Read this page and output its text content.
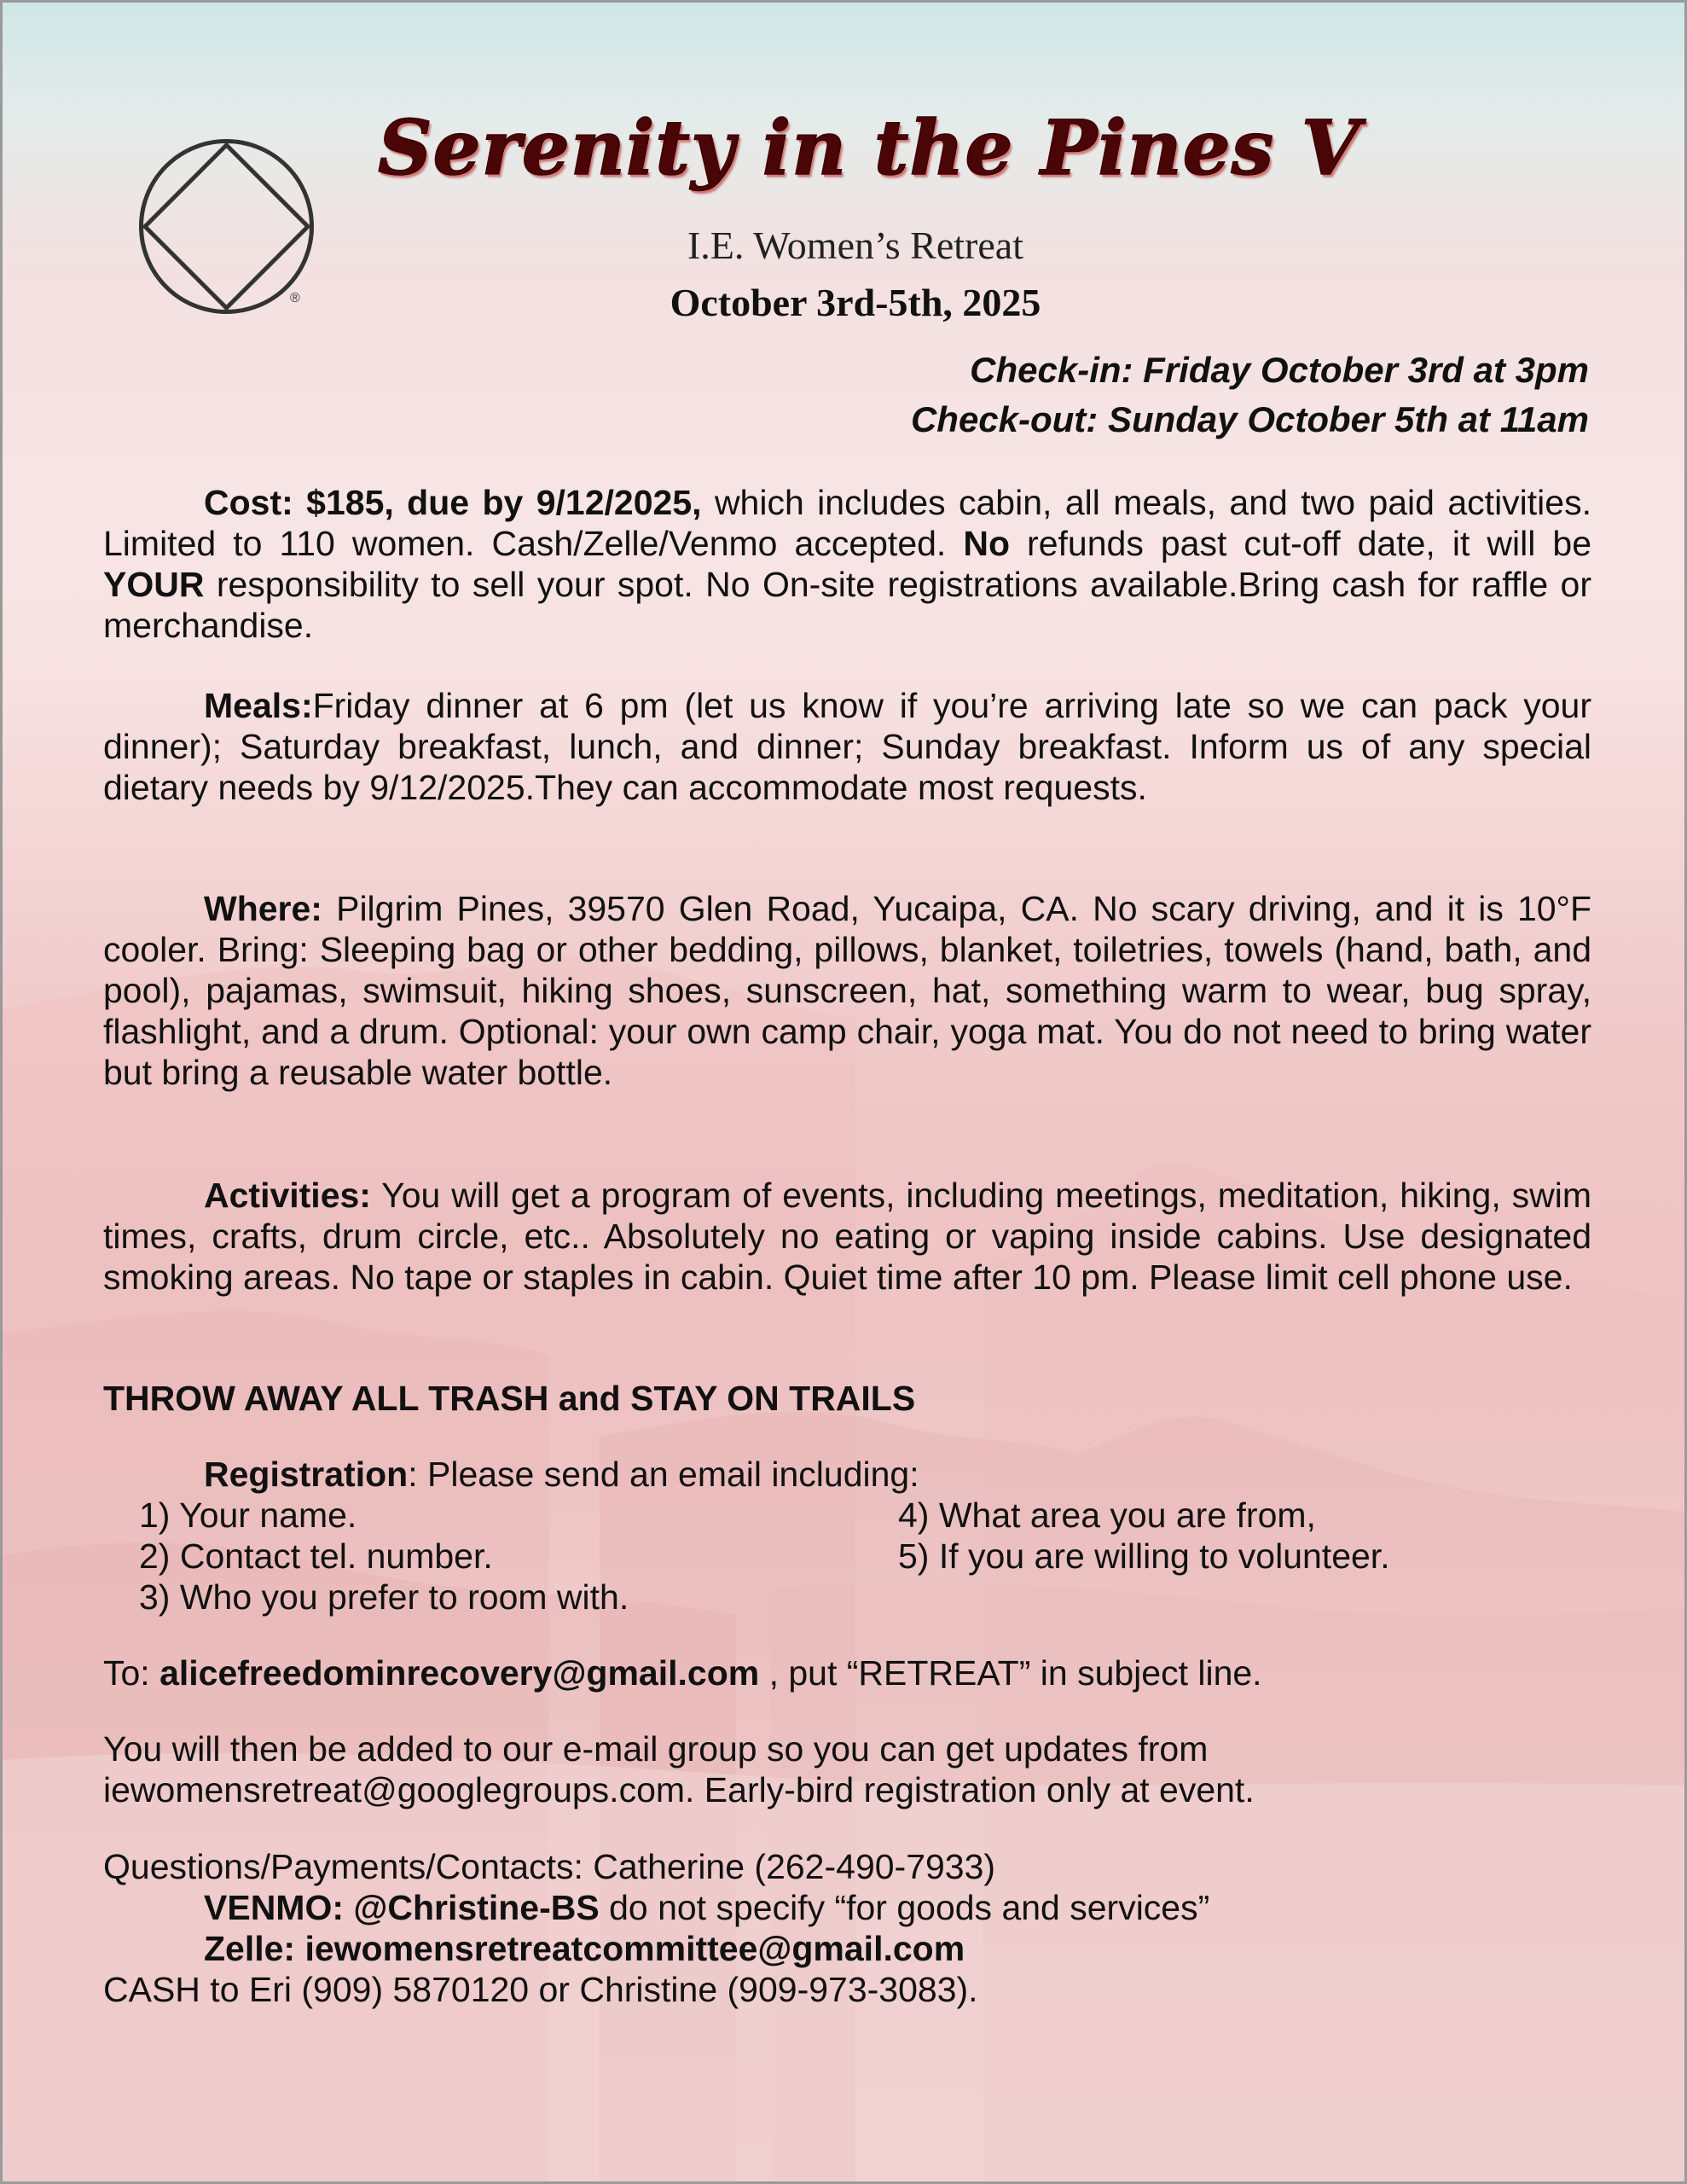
®
Serenity in the Pines V
I.E. Women’s Retreat
October 3rd-5th, 2025
Check-in: Friday October 3rd at 3pm
Check-out: Sunday October 5th at 11am

Cost: $185, due by 9/12/2025, which includes cabin, all meals, and two paid activities. Limited to 110 women. Cash/Zelle/Venmo accepted. No refunds past cut-off date, it will be YOUR responsibility to sell your spot. No On-site registrations available.Bring cash for raffle or merchandise.

Meals:Friday dinner at 6 pm (let us know if you’re arriving late so we can pack your dinner); Saturday breakfast, lunch, and dinner; Sunday breakfast. Inform us of any special dietary needs by 9/12/2025.They can accommodate most requests.

Where: Pilgrim Pines, 39570 Glen Road, Yucaipa, CA. No scary driving, and it is 10°F cooler. Bring: Sleeping bag or other bedding, pillows, blanket, toiletries, towels (hand, bath, and pool), pajamas, swimsuit, hiking shoes, sunscreen, hat, something warm to wear, bug spray, flashlight, and a drum. Optional: your own camp chair, yoga mat. You do not need to bring water but bring a reusable water bottle.

Activities: You will get a program of events, including meetings, meditation, hiking, swim times, crafts, drum circle, etc.. Absolutely no eating or vaping inside cabins. Use designated smoking areas. No tape or staples in cabin. Quiet time after 10 pm. Please limit cell phone use.

THROW AWAY ALL TRASH and STAY ON TRAILS
Registration: Please send an email including:
1) Your name.
2) Contact tel. number.
3) Who you prefer to room with.
4) What area you are from,
5) If you are willing to volunteer.
To: alicefreedominrecovery@gmail.com , put “RETREAT” in subject line.
You will then be added to our e-mail group so you can get updates from
iewomensretreat@googlegroups.com. Early-bird registration only at event.
Questions/Payments/Contacts: Catherine (262-490-7933)
VENMO: @Christine-BS do not specify “for goods and services”
Zelle: iewomensretreatcommittee@gmail.com
CASH to Eri (909) 5870120 or Christine (909-973-3083).
